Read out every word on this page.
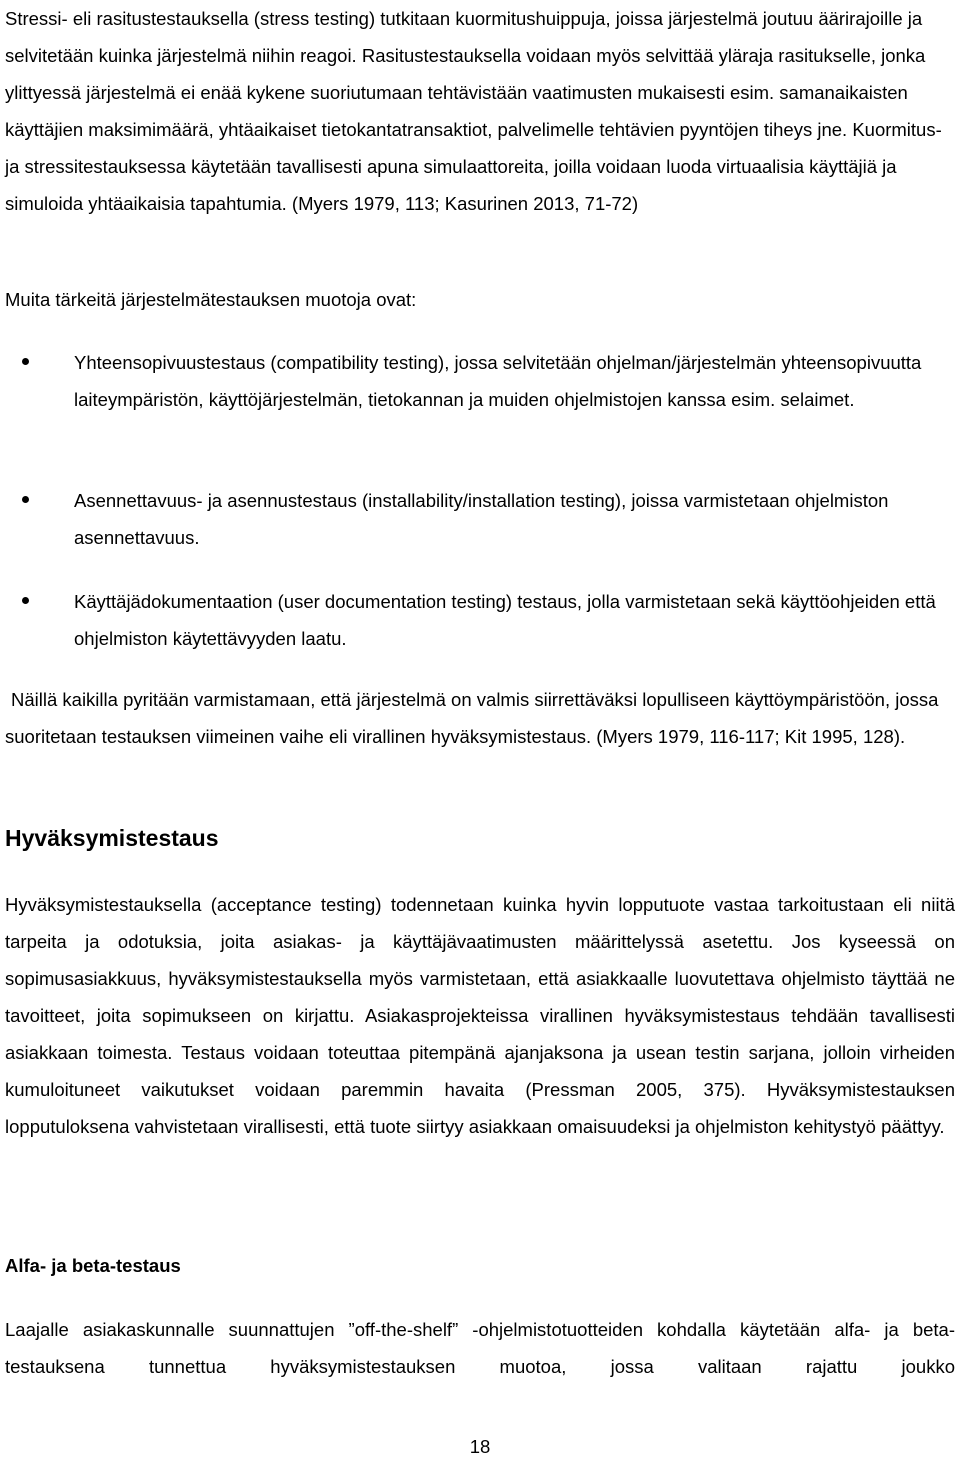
Stressi- eli rasitustestauksella (stress testing) tutkitaan kuormitushuippuja, joissa järjestelmä joutuu äärirajoille ja selvitetään kuinka järjestelmä niihin reagoi. Rasitustestauksella voidaan myös selvittää yläraja rasitukselle, jonka ylittyessä järjestelmä ei enää kykene suoriutumaan tehtävistään vaatimusten mukaisesti esim. samanaikaisten käyttäjien maksimimäärä, yhtäaikaiset tietokantatransaktiot, palvelimelle tehtävien pyyntöjen tiheys jne. Kuormitus- ja stressitestauksessa käytetään tavallisesti apuna simulaattoreita, joilla voidaan luoda virtuaalisia käyttäjiä ja simuloida yhtäaikaisia tapahtumia. (Myers 1979, 113; Kasurinen 2013, 71-72)

Muita tärkeitä järjestelmätestauksen muotoja ovat:

Yhteensopivuustestaus (compatibility testing), jossa selvitetään ohjelman/järjestelmän yhteensopivuutta laiteympäristön, käyttöjärjestelmän, tietokannan ja muiden ohjelmistojen kanssa esim. selaimet.

Asennettavuus- ja asennustestaus (installability/installation testing), joissa varmistetaan ohjelmiston asennettavuus.

Käyttäjädokumentaation (user documentation testing) testaus, jolla varmistetaan sekä käyttöohjeiden että ohjelmiston käytettävyyden laatu.

Näillä kaikilla pyritään varmistamaan, että järjestelmä on valmis siirrettäväksi lopulliseen käyttöympäristöön, jossa suoritetaan testauksen viimeinen vaihe eli virallinen hyväksymistestaus. (Myers 1979, 116-117; Kit 1995, 128).

Hyväksymistestaus

Hyväksymistestauksella (acceptance testing) todennetaan kuinka hyvin lopputuote vastaa tarkoitustaan eli niitä tarpeita ja odotuksia, joita asiakas- ja käyttäjävaatimusten määrittelyssä asetettu. Jos kyseessä on sopimusasiakkuus, hyväksymistestauksella myös varmistetaan, että asiakkaalle luovutettava ohjelmisto täyttää ne tavoitteet, joita sopimukseen on kirjattu. Asiakasprojekteissa virallinen hyväksymistestaus tehdään tavallisesti asiakkaan toimesta. Testaus voidaan toteuttaa pitempänä ajanjaksona ja usean testin sarjana, jolloin virheiden kumuloituneet vaikutukset voidaan paremmin havaita (Pressman 2005, 375). Hyväksymistestauksen lopputuloksena vahvistetaan virallisesti, että tuote siirtyy asiakkaan omaisuudeksi ja ohjelmiston kehitystyö päättyy.

Alfa- ja beta-testaus

Laajalle asiakaskunnalle suunnattujen ”off-the-shelf” -ohjelmistotuotteiden kohdalla käytetään alfa- ja beta-testauksena tunnettua hyväksymistestauksen muotoa, jossa valitaan rajattu joukko

18
